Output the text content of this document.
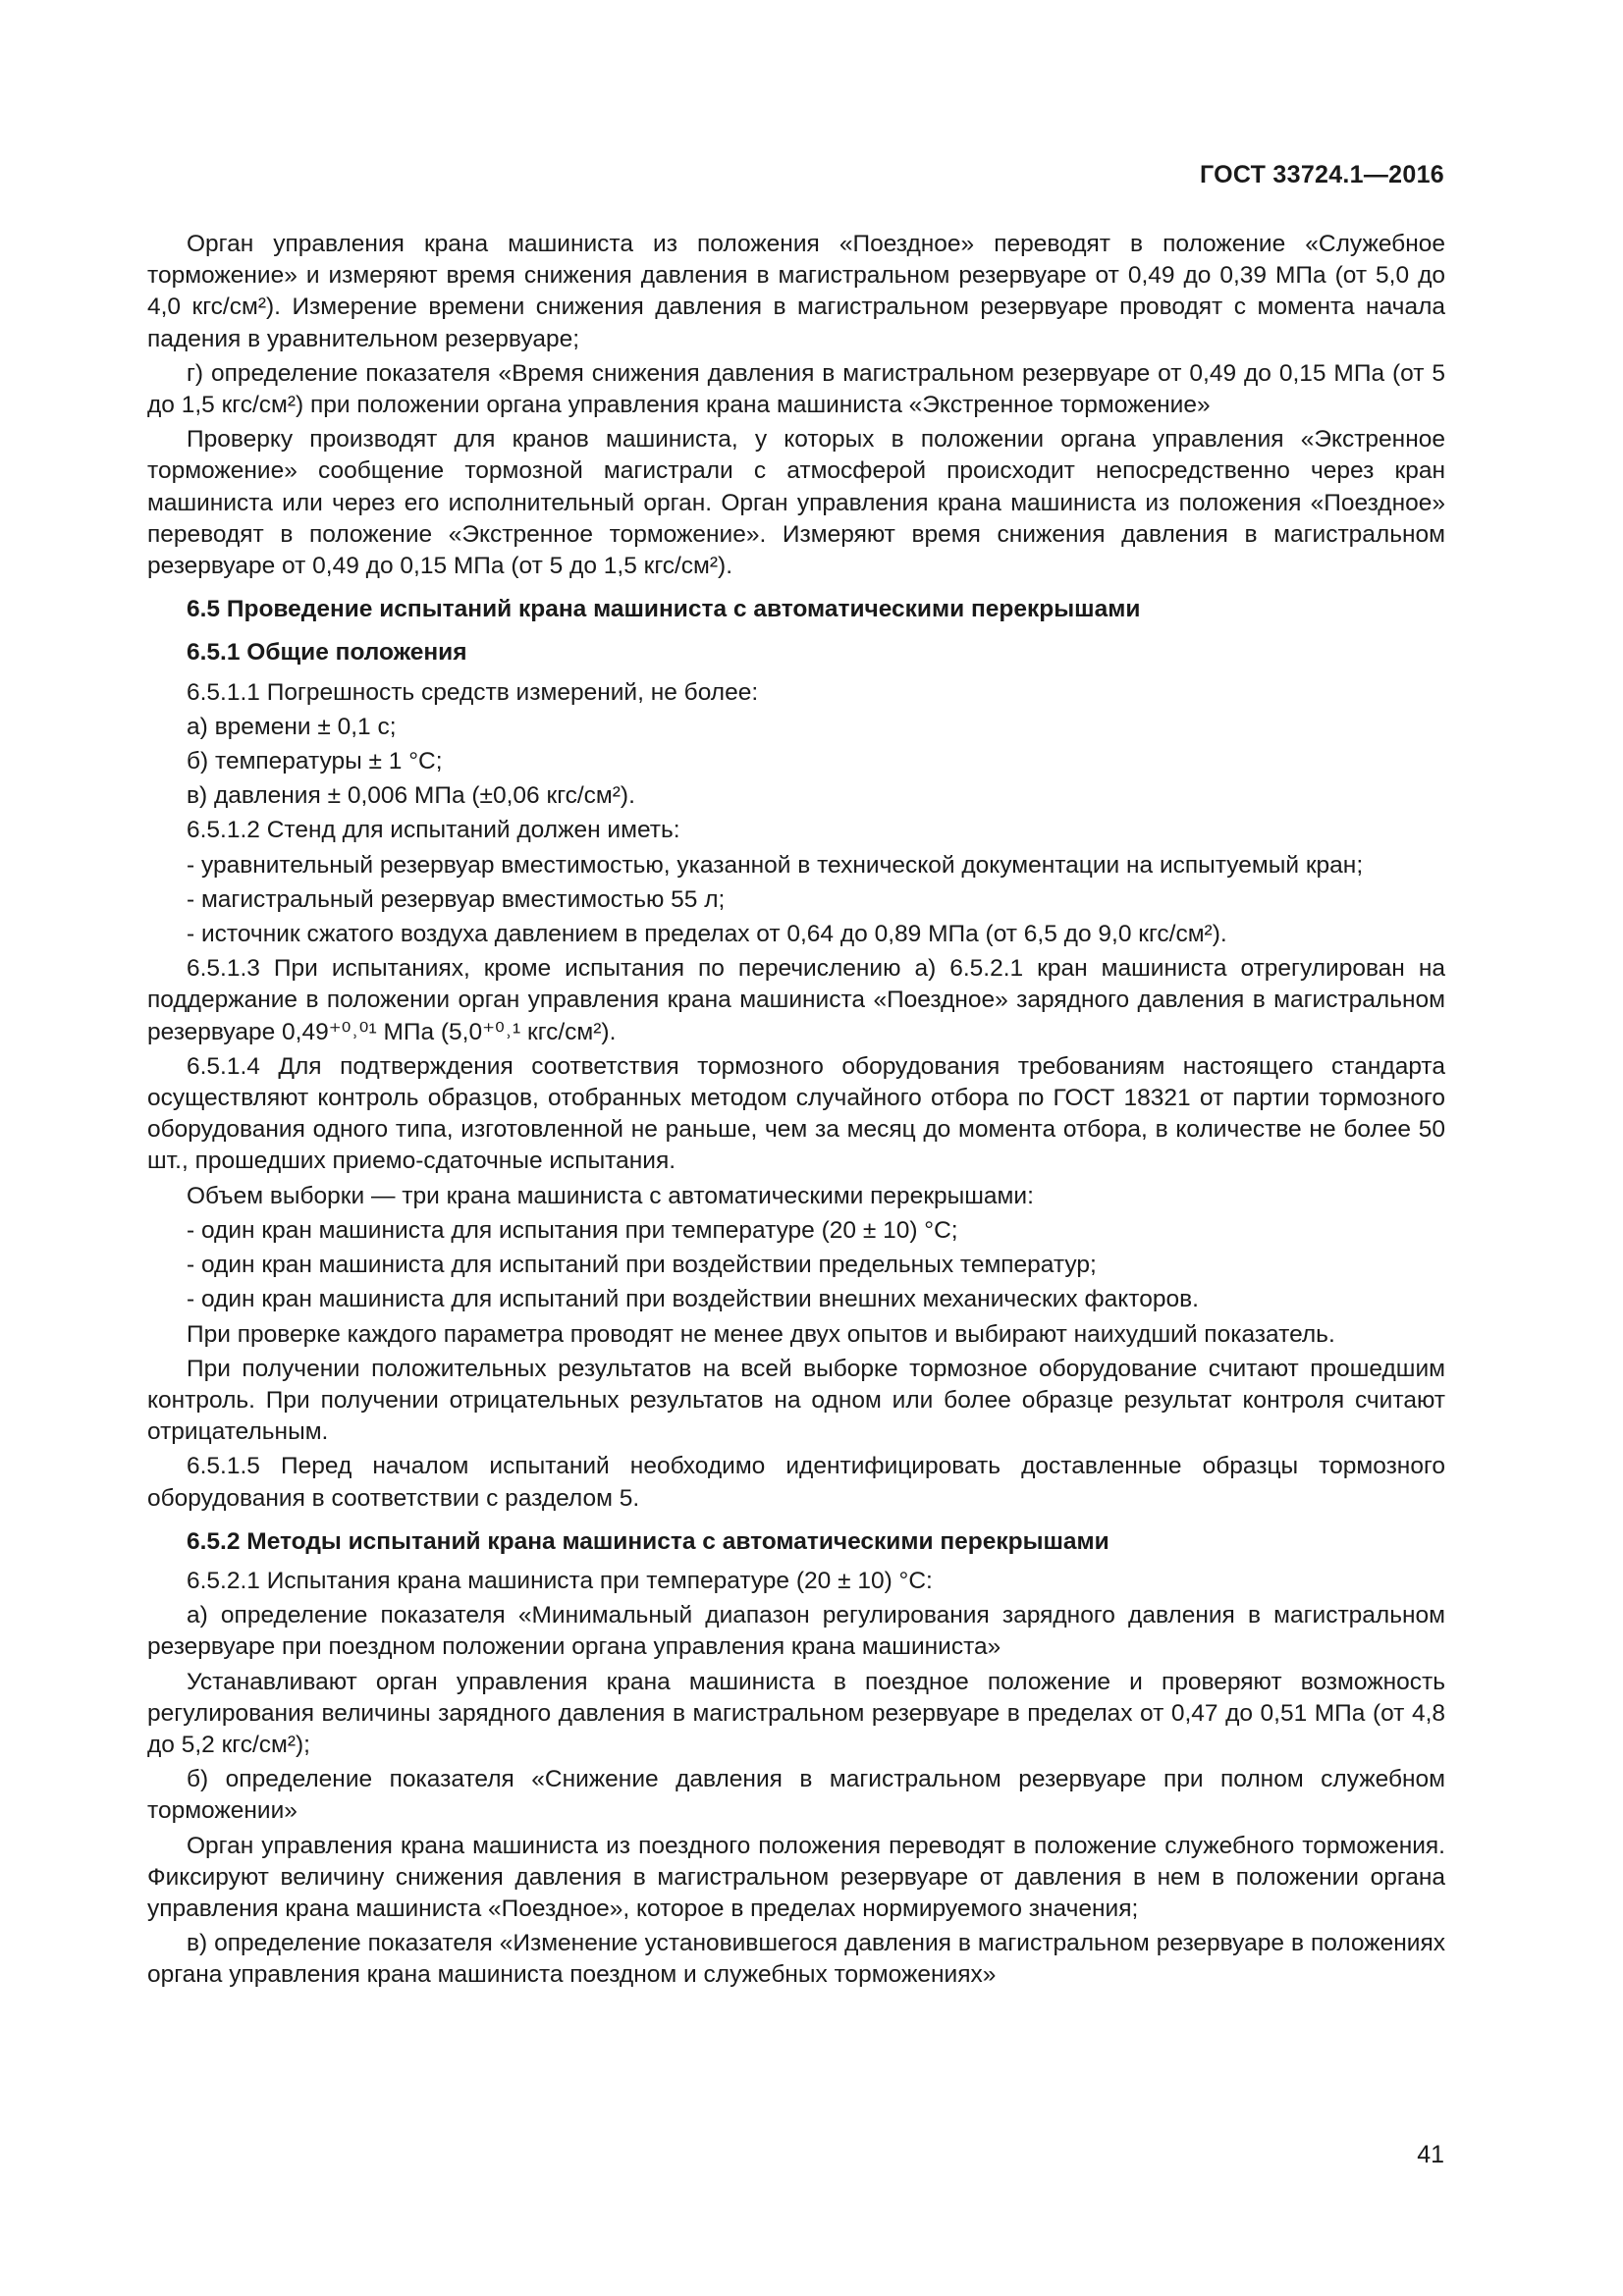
ГОСТ 33724.1—2016

Орган управления крана машиниста из положения «Поездное» переводят в положение «Служебное торможение» и измеряют время снижения давления в магистральном резервуаре от 0,49 до 0,39 МПа (от 5,0 до 4,0 кгс/см²). Измерение времени снижения давления в магистральном резервуаре проводят с момента начала падения в уравнительном резервуаре;

г) определение показателя «Время снижения давления в магистральном резервуаре от 0,49 до 0,15 МПа (от 5 до 1,5 кгс/см²) при положении органа управления крана машиниста «Экстренное торможение»

Проверку производят для кранов машиниста, у которых в положении органа управления «Экстренное торможение» сообщение тормозной магистрали с атмосферой происходит непосредственно через кран машиниста или через его исполнительный орган. Орган управления крана машиниста из положения «Поездное» переводят в положение «Экстренное торможение». Измеряют время снижения давления в магистральном резервуаре от 0,49 до 0,15 МПа (от 5 до 1,5 кгс/см²).

6.5 Проведение испытаний крана машиниста с автоматическими перекрышами

6.5.1 Общие положения

6.5.1.1 Погрешность средств измерений, не более:

а) времени ± 0,1 с;

б) температуры ± 1 °С;

в) давления ± 0,006 МПа (±0,06 кгс/см²).

6.5.1.2 Стенд для испытаний должен иметь:

- уравнительный резервуар вместимостью, указанной в технической документации на испытуемый кран;

- магистральный резервуар вместимостью 55 л;

- источник сжатого воздуха давлением в пределах от 0,64 до 0,89 МПа (от 6,5 до 9,0 кгс/см²).

6.5.1.3 При испытаниях, кроме испытания по перечислению а) 6.5.2.1 кран машиниста отрегулирован на поддержание в положении орган управления крана машиниста «Поездное» зарядного давления в магистральном резервуаре 0,49⁺⁰˒⁰¹ МПа (5,0⁺⁰˒¹ кгс/см²).

6.5.1.4 Для подтверждения соответствия тормозного оборудования требованиям настоящего стандарта осуществляют контроль образцов, отобранных методом случайного отбора по ГОСТ 18321 от партии тормозного оборудования одного типа, изготовленной не раньше, чем за месяц до момента отбора, в количестве не более 50 шт., прошедших приемо-сдаточные испытания.

Объем выборки — три крана машиниста с автоматическими перекрышами:

- один кран машиниста для испытания при температуре (20 ± 10) °С;

- один кран машиниста для испытаний при воздействии предельных температур;

- один кран машиниста для испытаний при воздействии внешних механических факторов.

При проверке каждого параметра проводят не менее двух опытов и выбирают наихудший показатель.

При получении положительных результатов на всей выборке тормозное оборудование считают прошедшим контроль. При получении отрицательных результатов на одном или более образце результат контроля считают отрицательным.

6.5.1.5 Перед началом испытаний необходимо идентифицировать доставленные образцы тормозного оборудования в соответствии с разделом 5.

6.5.2 Методы испытаний крана машиниста с автоматическими перекрышами

6.5.2.1 Испытания крана машиниста при температуре (20 ± 10) °С:

а) определение показателя «Минимальный диапазон регулирования зарядного давления в магистральном резервуаре при поездном положении органа управления крана машиниста»

Устанавливают орган управления крана машиниста в поездное положение и проверяют возможность регулирования величины зарядного давления в магистральном резервуаре в пределах от 0,47 до 0,51 МПа (от 4,8 до 5,2 кгс/см²);

б) определение показателя «Снижение давления в магистральном резервуаре при полном служебном торможении»

Орган управления крана машиниста из поездного положения переводят в положение служебного торможения. Фиксируют величину снижения давления в магистральном резервуаре от давления в нем в положении органа управления крана машиниста «Поездное», которое в пределах нормируемого значения;

в) определение показателя «Изменение установившегося давления в магистральном резервуаре в положениях органа управления крана машиниста поездном и служебных торможениях»

41
